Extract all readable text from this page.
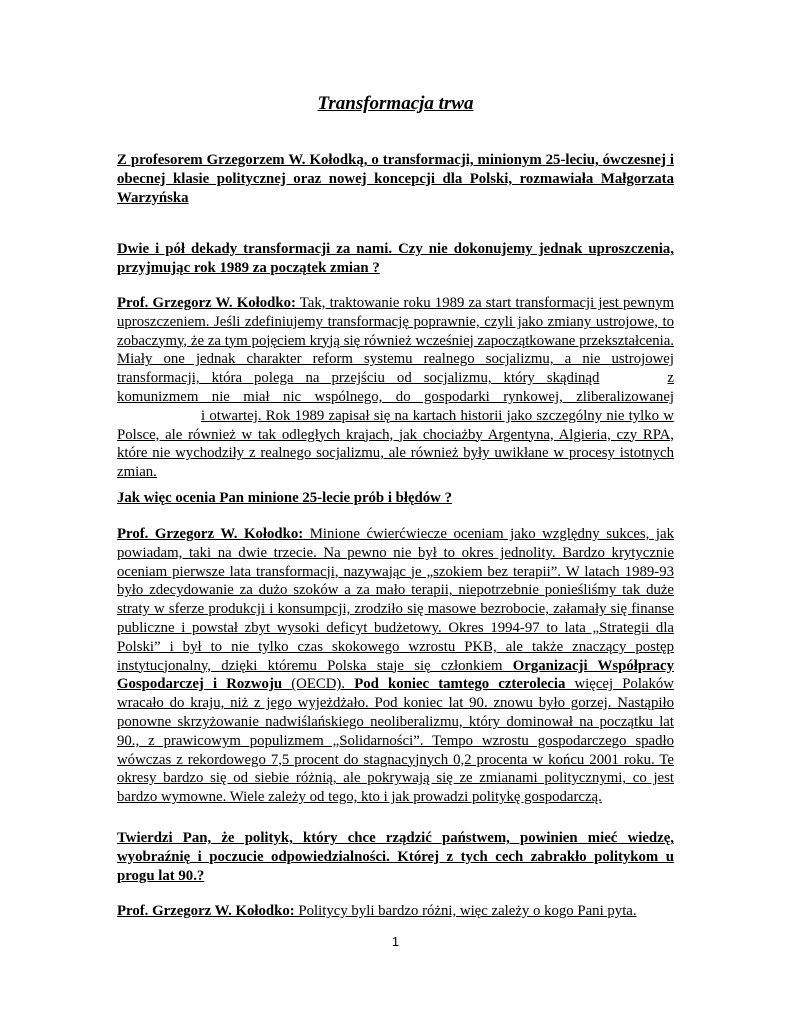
Transformacja trwa
Z profesorem Grzegorzem W. Kołodką, o transformacji, minionym 25-leciu, ówczesnej i obecnej klasie politycznej oraz nowej koncepcji dla Polski, rozmawiała Małgorzata Warzyńska
Dwie i pół dekady transformacji za nami. Czy nie dokonujemy jednak uproszczenia, przyjmując rok 1989 za początek zmian ?
Prof. Grzegorz W. Kołodko: Tak, traktowanie roku 1989 za start transformacji jest pewnym uproszczeniem. Jeśli zdefiniujemy transformację poprawnie, czyli jako zmiany ustrojowe, to zobaczymy, że za tym pojęciem kryją się również wcześniej zapoczątkowane przekształcenia. Miały one jednak charakter reform systemu realnego socjalizmu, a nie ustrojowej transformacji, która polega na przejściu od socjalizmu, który skądinąd	z komunizmem nie miał nic wspólnego, do gospodarki rynkowej, zliberalizowaneji otwartej. Rok 1989 zapisał się na kartach historii jako szczególny nie tylko w Polsce, ale również w tak odległych krajach, jak chociażby Argentyna, Algieria, czy RPA, które nie wychodziły z realnego socjalizmu, ale również były uwikłane w procesy istotnych zmian.
Jak więc ocenia Pan minione 25-lecie prób i błędów ?
Prof. Grzegorz W. Kołodko: Minione ćwierćwiecze oceniam jako względny sukces, jak powiadam, taki na dwie trzecie. Na pewno nie był to okres jednolity. Bardzo krytycznie oceniam pierwsze lata transformacji, nazywając je „szokiem bez terapii”. W latach 1989-93 było zdecydowanie za dużo szoków a za mało terapii, niepotrzebnie ponieśliśmy tak duże straty w sferze produkcji i konsumpcji, zrodziło się masowe bezrobocie, załamały się finanse publiczne i powstał zbyt wysoki deficyt budżetowy. Okres 1994-97 to lata „Strategii dla Polski” i był to nie tylko czas skokowego wzrostu PKB, ale także znaczący postęp instytucjonalny, dzięki któremu Polska staje się członkiem Organizacji Współpracy Gospodarczej i Rozwoju (OECD). Pod koniec tamtego czterolecia więcej Polaków wracało do kraju, niż z jego wyjeżdżało. Pod koniec lat 90. znowu było gorzej. Nastąpiło ponowne skrzyżowanie nadwiślańskiego neoliberalizmu, który dominował na początku lat 90., z prawicowym populizmem „Solidarności”. Tempo wzrostu gospodarczego spadło wówczas z rekordowego 7,5 procent do stagnacyjnych 0,2 procenta w końcu 2001 roku. Te okresy bardzo się od siebie różnią, ale pokrywają się ze zmianami politycznymi, co jest bardzo wymowne. Wiele zależy od tego, kto i jak prowadzi politykę gospodarczą.
Twierdzi Pan, że polityk, który chce rządzić państwem, powinien mieć wiedzę, wyobraźnię i poczucie odpowiedzialności. Której z tych cech zabrakło politykom u progu lat 90.?
Prof. Grzegorz W. Kołodko: Politycy byli bardzo różni, więc zależy o kogo Pani pyta.
1
